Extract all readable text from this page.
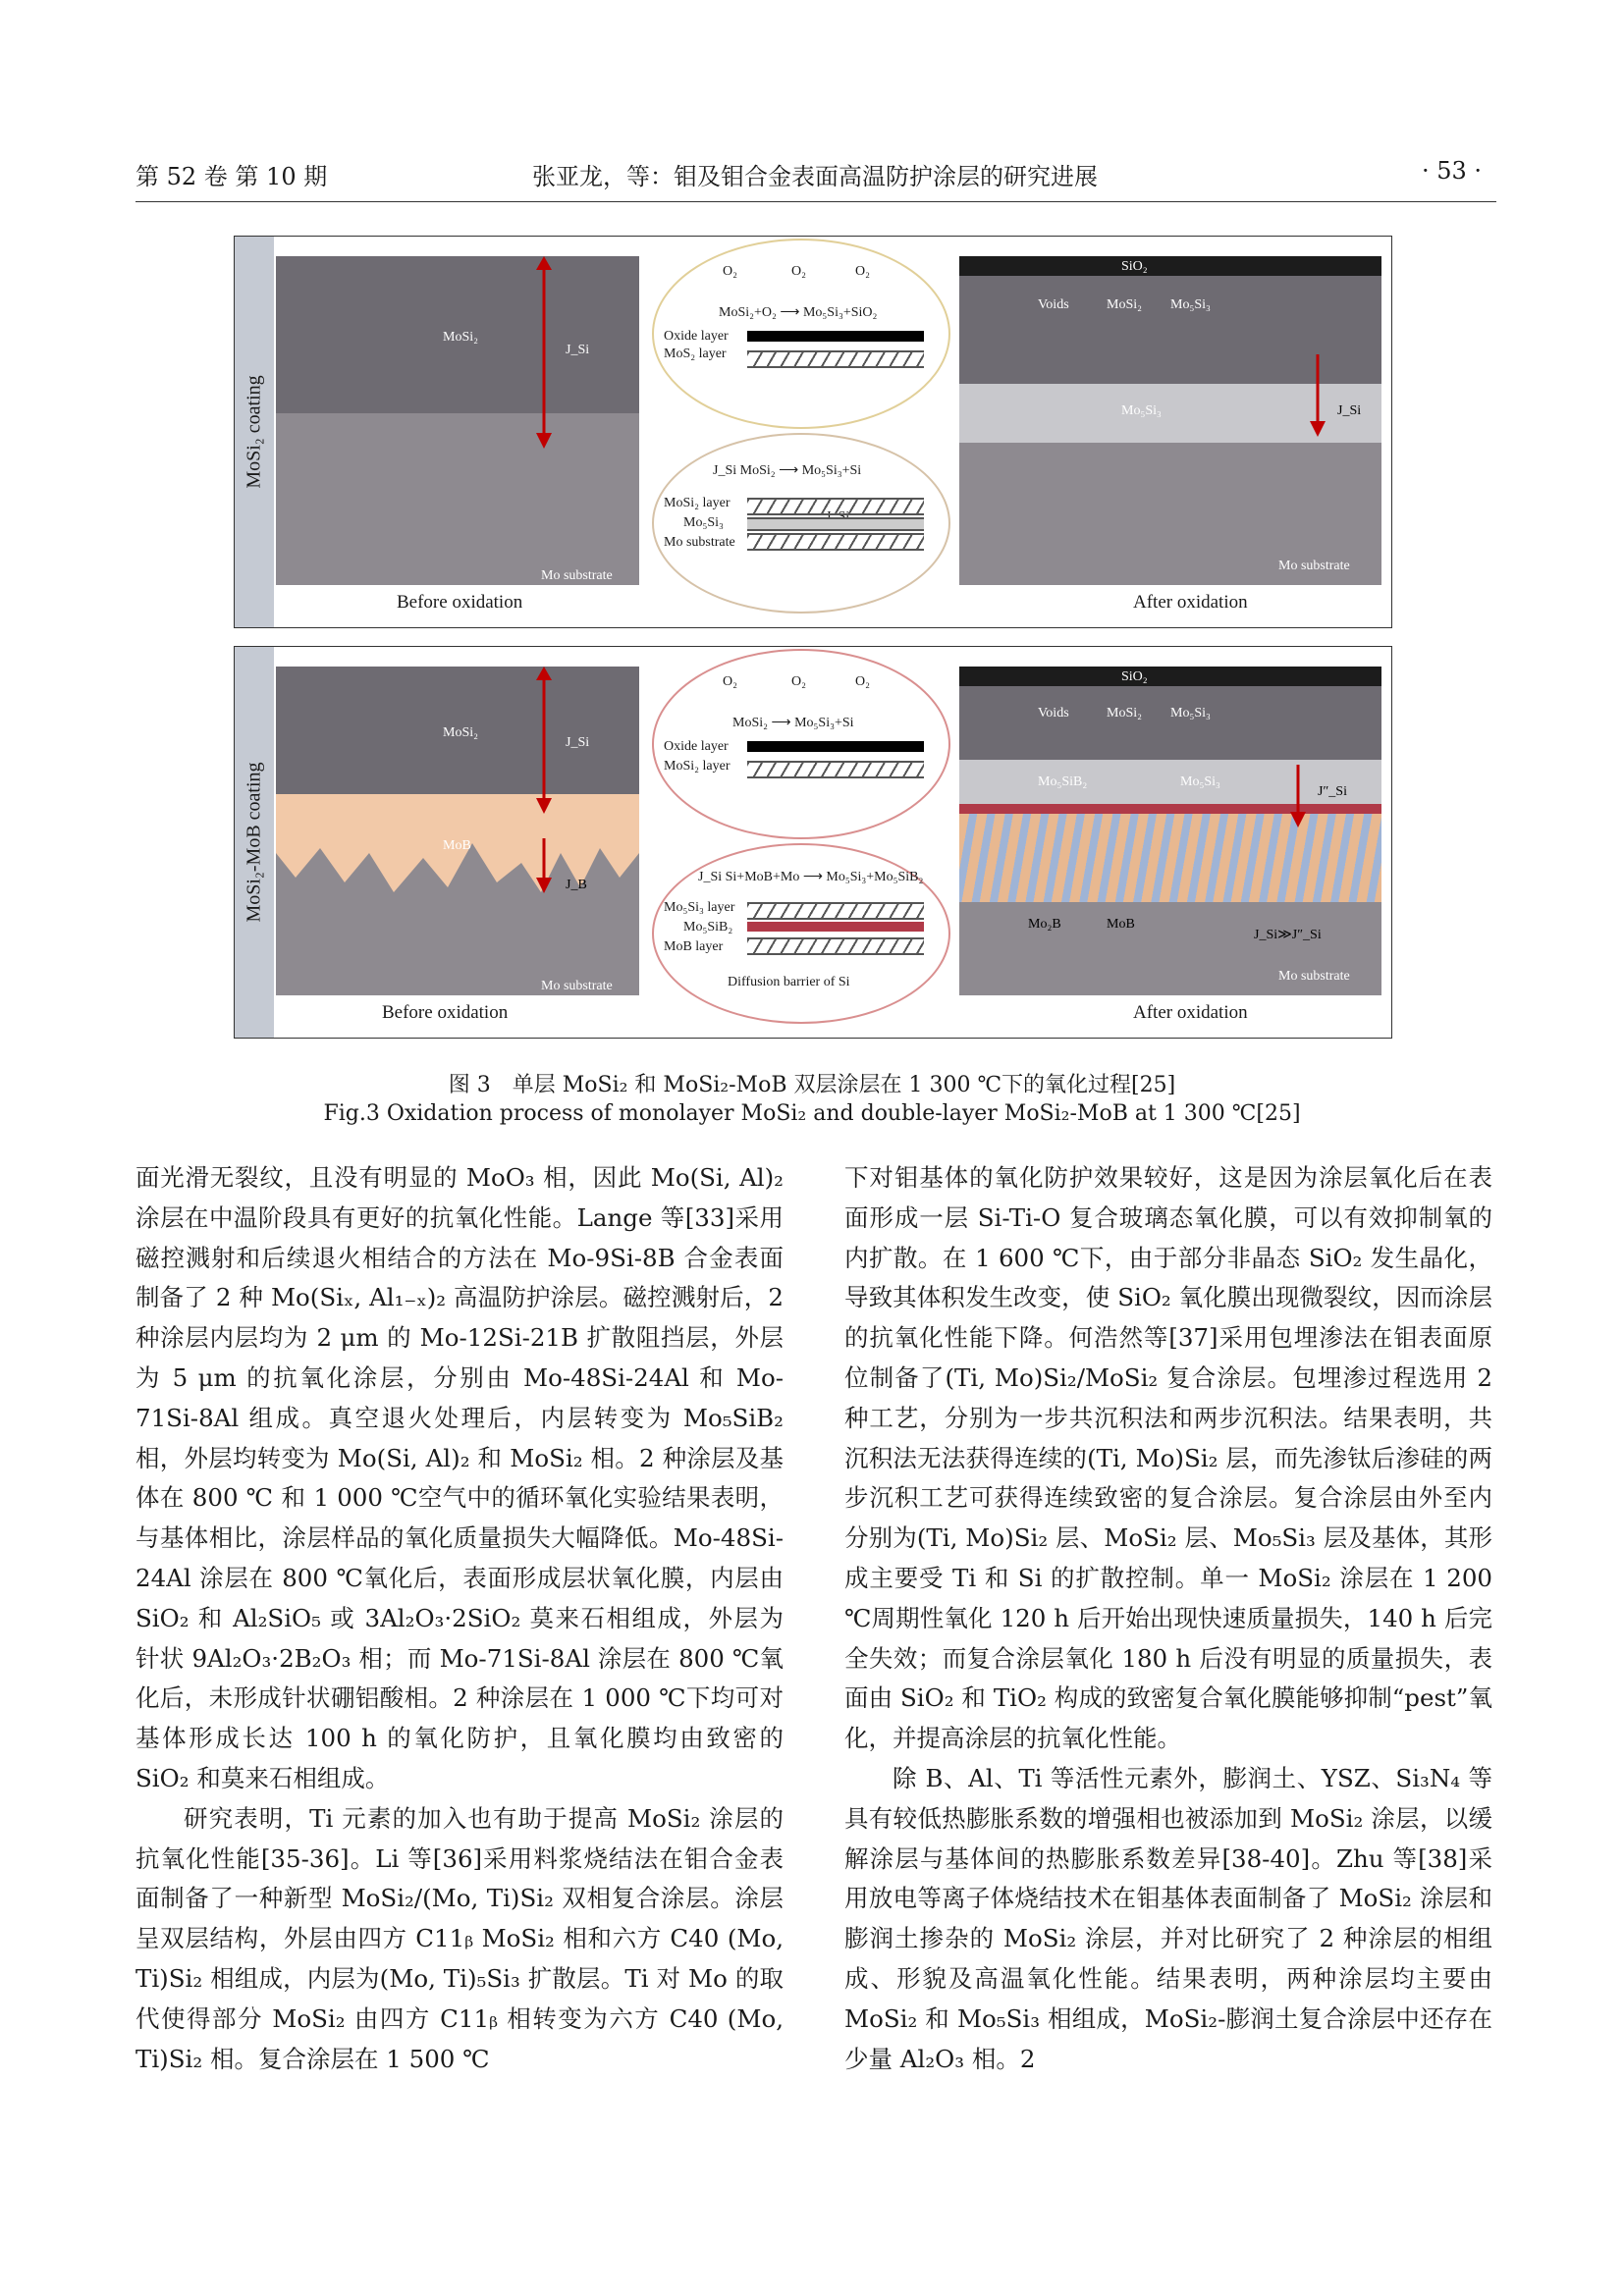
第 52 卷 第 10 期	张亚龙，等：钼及钼合金表面高温防护涂层的研究进展	· 53 ·
MoSi₂ coating
MoSi₂
J_Si
Mo substrate
Before oxidation
O₂	O₂	O₂
MoSi₂+O₂ ⟶ Mo₅Si₃+SiO₂
Oxide layer
MoS₂ layer
J_Si MoSi₂ ⟶ Mo₅Si₃+Si
MoSi₂ layer
Mo₅Si₃
Mo substrate
SiO₂
Voids	MoSi₂ Mo₅Si₃
Mo₅Si₃	J_Si
Mo substrate
After oxidation
MoSi₂-MoB coating
MoSi₂
MoB
J_Si
J_B
Mo substrate
Before oxidation
O₂	O₂	O₂
MoSi₂ ⟶ Mo₅Si₃+Si
Oxide layer
MoSi₂ layer
J_Si Si+MoB+Mo ⟶ Mo₅Si₃+Mo₅SiB₂
Mo₅Si₃ layer
Mo₅SiB₂
MoB layer
Diffusion barrier of Si
SiO₂
Voids	MoSi₂ Mo₅Si₃
Mo₅SiB₂	Mo₅Si₃
Mo₂B	MoB
J″_Si
J_Si≫J″_Si
Mo substrate
After oxidation
图 3　单层 MoSi₂ 和 MoSi₂-MoB 双层涂层在 1 300 ℃下的氧化过程[25]
Fig.3 Oxidation process of monolayer MoSi₂ and double-layer MoSi₂-MoB at 1 300 ℃[25]

面光滑无裂纹，且没有明显的 MoO₃ 相，因此 Mo(Si, Al)₂ 涂层在中温阶段具有更好的抗氧化性能。Lange 等[33]采用磁控溅射和后续退火相结合的方法在 Mo-9Si-8B 合金表面制备了 2 种 Mo(Siₓ, Al₁₋ₓ)₂ 高温防护涂层。磁控溅射后，2 种涂层内层均为 2 μm 的 Mo-12Si-21B 扩散阻挡层，外层为 5 μm 的抗氧化涂层，分别由 Mo-48Si-24Al 和 Mo-71Si-8Al 组成。真空退火处理后，内层转变为 Mo₅SiB₂ 相，外层均转变为 Mo(Si, Al)₂ 和 MoSi₂ 相。2 种涂层及基体在 800 ℃ 和 1 000 ℃空气中的循环氧化实验结果表明，与基体相比，涂层样品的氧化质量损失大幅降低。Mo-48Si-24Al 涂层在 800 ℃氧化后，表面形成层状氧化膜，内层由 SiO₂ 和 Al₂SiO₅ 或 3Al₂O₃·2SiO₂ 莫来石相组成，外层为针状 9Al₂O₃·2B₂O₃ 相；而 Mo-71Si-8Al 涂层在 800 ℃氧化后，未形成针状硼铝酸相。2 种涂层在 1 000 ℃下均可对基体形成长达 100 h 的氧化防护，且氧化膜均由致密的 SiO₂ 和莫来石相组成。

研究表明，Ti 元素的加入也有助于提高 MoSi₂ 涂层的抗氧化性能[35-36]。Li 等[36]采用料浆烧结法在钼合金表面制备了一种新型 MoSi₂/(Mo, Ti)Si₂ 双相复合涂层。涂层呈双层结构，外层由四方 C11ᵦ MoSi₂ 相和六方 C40 (Mo, Ti)Si₂ 相组成，内层为(Mo, Ti)₅Si₃ 扩散层。Ti 对 Mo 的取代使得部分 MoSi₂ 由四方 C11ᵦ 相转变为六方 C40 (Mo, Ti)Si₂ 相。复合涂层在 1 500 ℃

下对钼基体的氧化防护效果较好，这是因为涂层氧化后在表面形成一层 Si-Ti-O 复合玻璃态氧化膜，可以有效抑制氧的内扩散。在 1 600 ℃下，由于部分非晶态 SiO₂ 发生晶化，导致其体积发生改变，使 SiO₂ 氧化膜出现微裂纹，因而涂层的抗氧化性能下降。何浩然等[37]采用包埋渗法在钼表面原位制备了(Ti, Mo)Si₂/MoSi₂ 复合涂层。包埋渗过程选用 2 种工艺，分别为一步共沉积法和两步沉积法。结果表明，共沉积法无法获得连续的(Ti, Mo)Si₂ 层，而先渗钛后渗硅的两步沉积工艺可获得连续致密的复合涂层。复合涂层由外至内分别为(Ti, Mo)Si₂ 层、MoSi₂ 层、Mo₅Si₃ 层及基体，其形成主要受 Ti 和 Si 的扩散控制。单一 MoSi₂ 涂层在 1 200 ℃周期性氧化 120 h 后开始出现快速质量损失，140 h 后完全失效；而复合涂层氧化 180 h 后没有明显的质量损失，表面由 SiO₂ 和 TiO₂ 构成的致密复合氧化膜能够抑制“pest”氧化，并提高涂层的抗氧化性能。

除 B、Al、Ti 等活性元素外，膨润土、YSZ、Si₃N₄ 等具有较低热膨胀系数的增强相也被添加到 MoSi₂ 涂层，以缓解涂层与基体间的热膨胀系数差异[38-40]。Zhu 等[38]采用放电等离子体烧结技术在钼基体表面制备了 MoSi₂ 涂层和膨润土掺杂的 MoSi₂ 涂层，并对比研究了 2 种涂层的相组成、形貌及高温氧化性能。结果表明，两种涂层均主要由 MoSi₂ 和 Mo₅Si₃ 相组成，MoSi₂-膨润土复合涂层中还存在少量 Al₂O₃ 相。2
